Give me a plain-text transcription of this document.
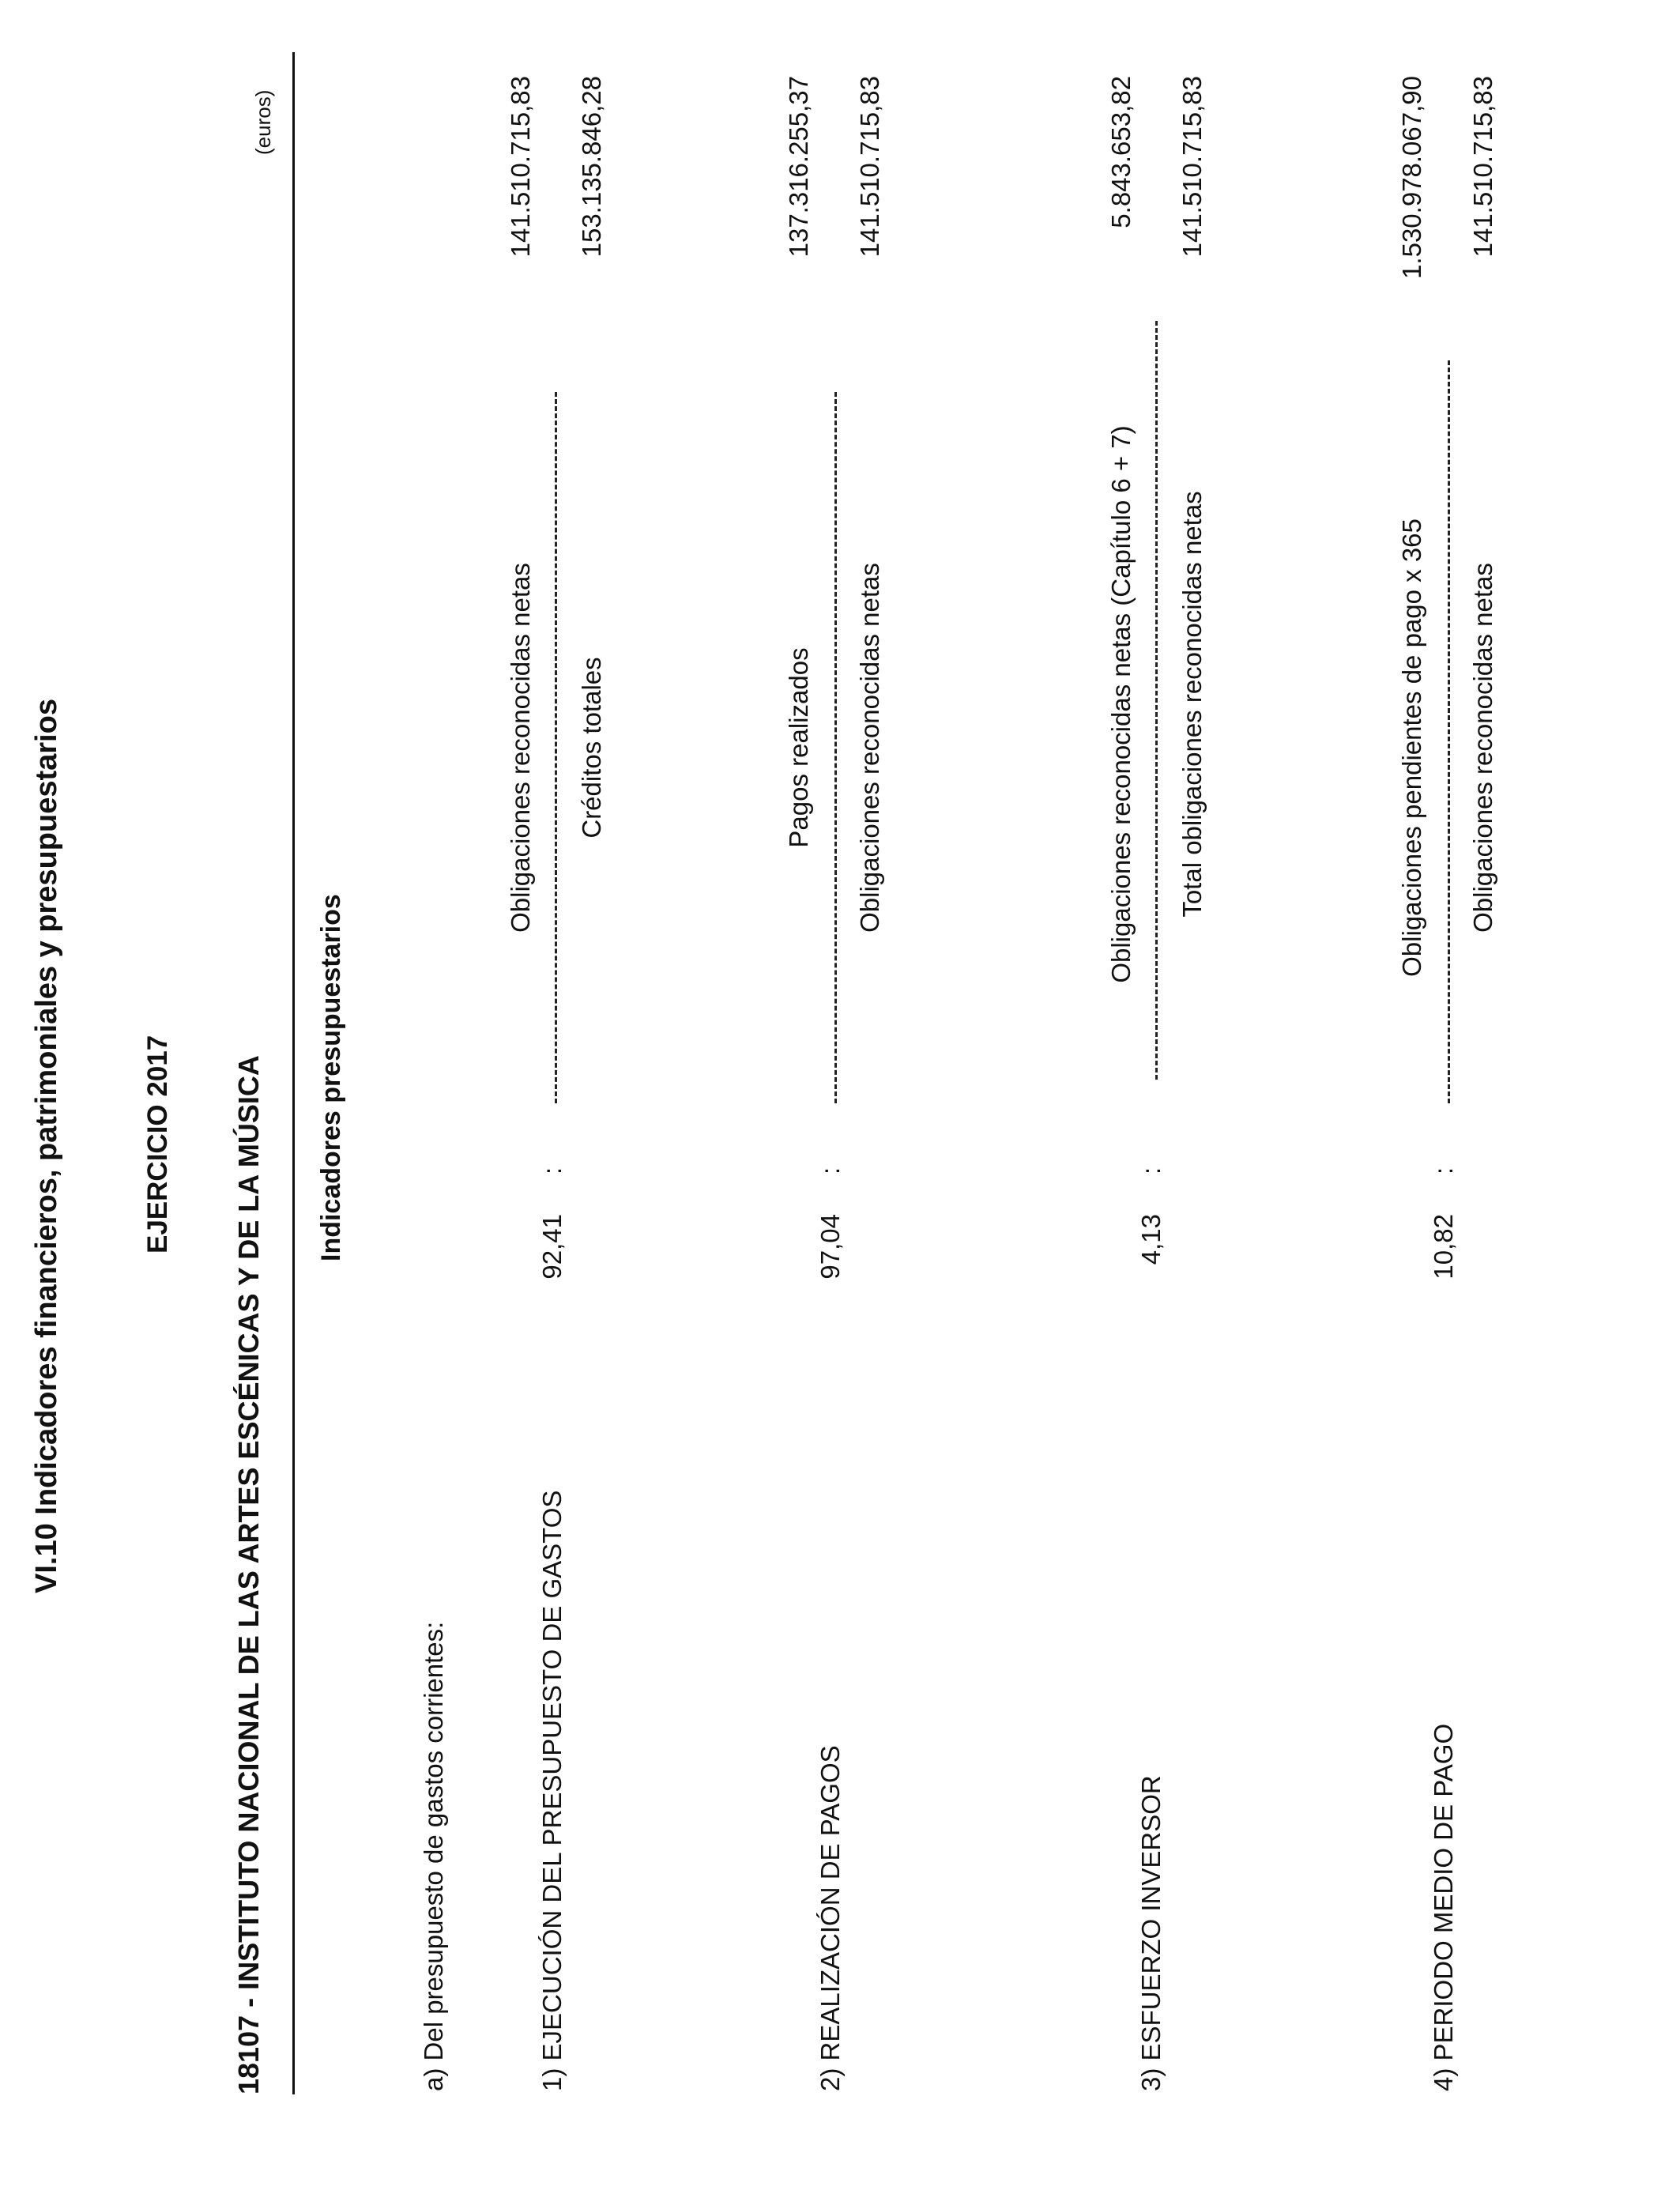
VI.10 Indicadores financieros, patrimoniales y presupuestarios	EJERCICIO 2017 18107 - INSTITUTO NACIONAL DE LAS ARTES ESCÉNICAS Y DE LA MÚSICA
(euros)
Indicadores presupuestarios
a) Del presupuesto de gastos corrientes:	1) EJECUCIÓN DEL PRESUPUESTO DE GASTOS
92,41
:
Obligaciones reconocidas netas Créditos totales
141.510.715,83 153.135.846,28
2) REALIZACIÓN DE PAGOS
97,04
:
Pagos realizados Obligaciones reconocidas netas
137.316.255,37 141.510.715,83
3) ESFUERZO INVERSOR
4,13
:
Obligaciones reconocidas netas (Capítulo 6 + 7) Total obligaciones reconocidas netas
5.843.653,82 141.510.715,83
4) PERIODO MEDIO DE PAGO
10,82
:
Obligaciones pendientes de pago x 365 Obligaciones reconocidas netas
1.530.978.067,90 141.510.715,83
